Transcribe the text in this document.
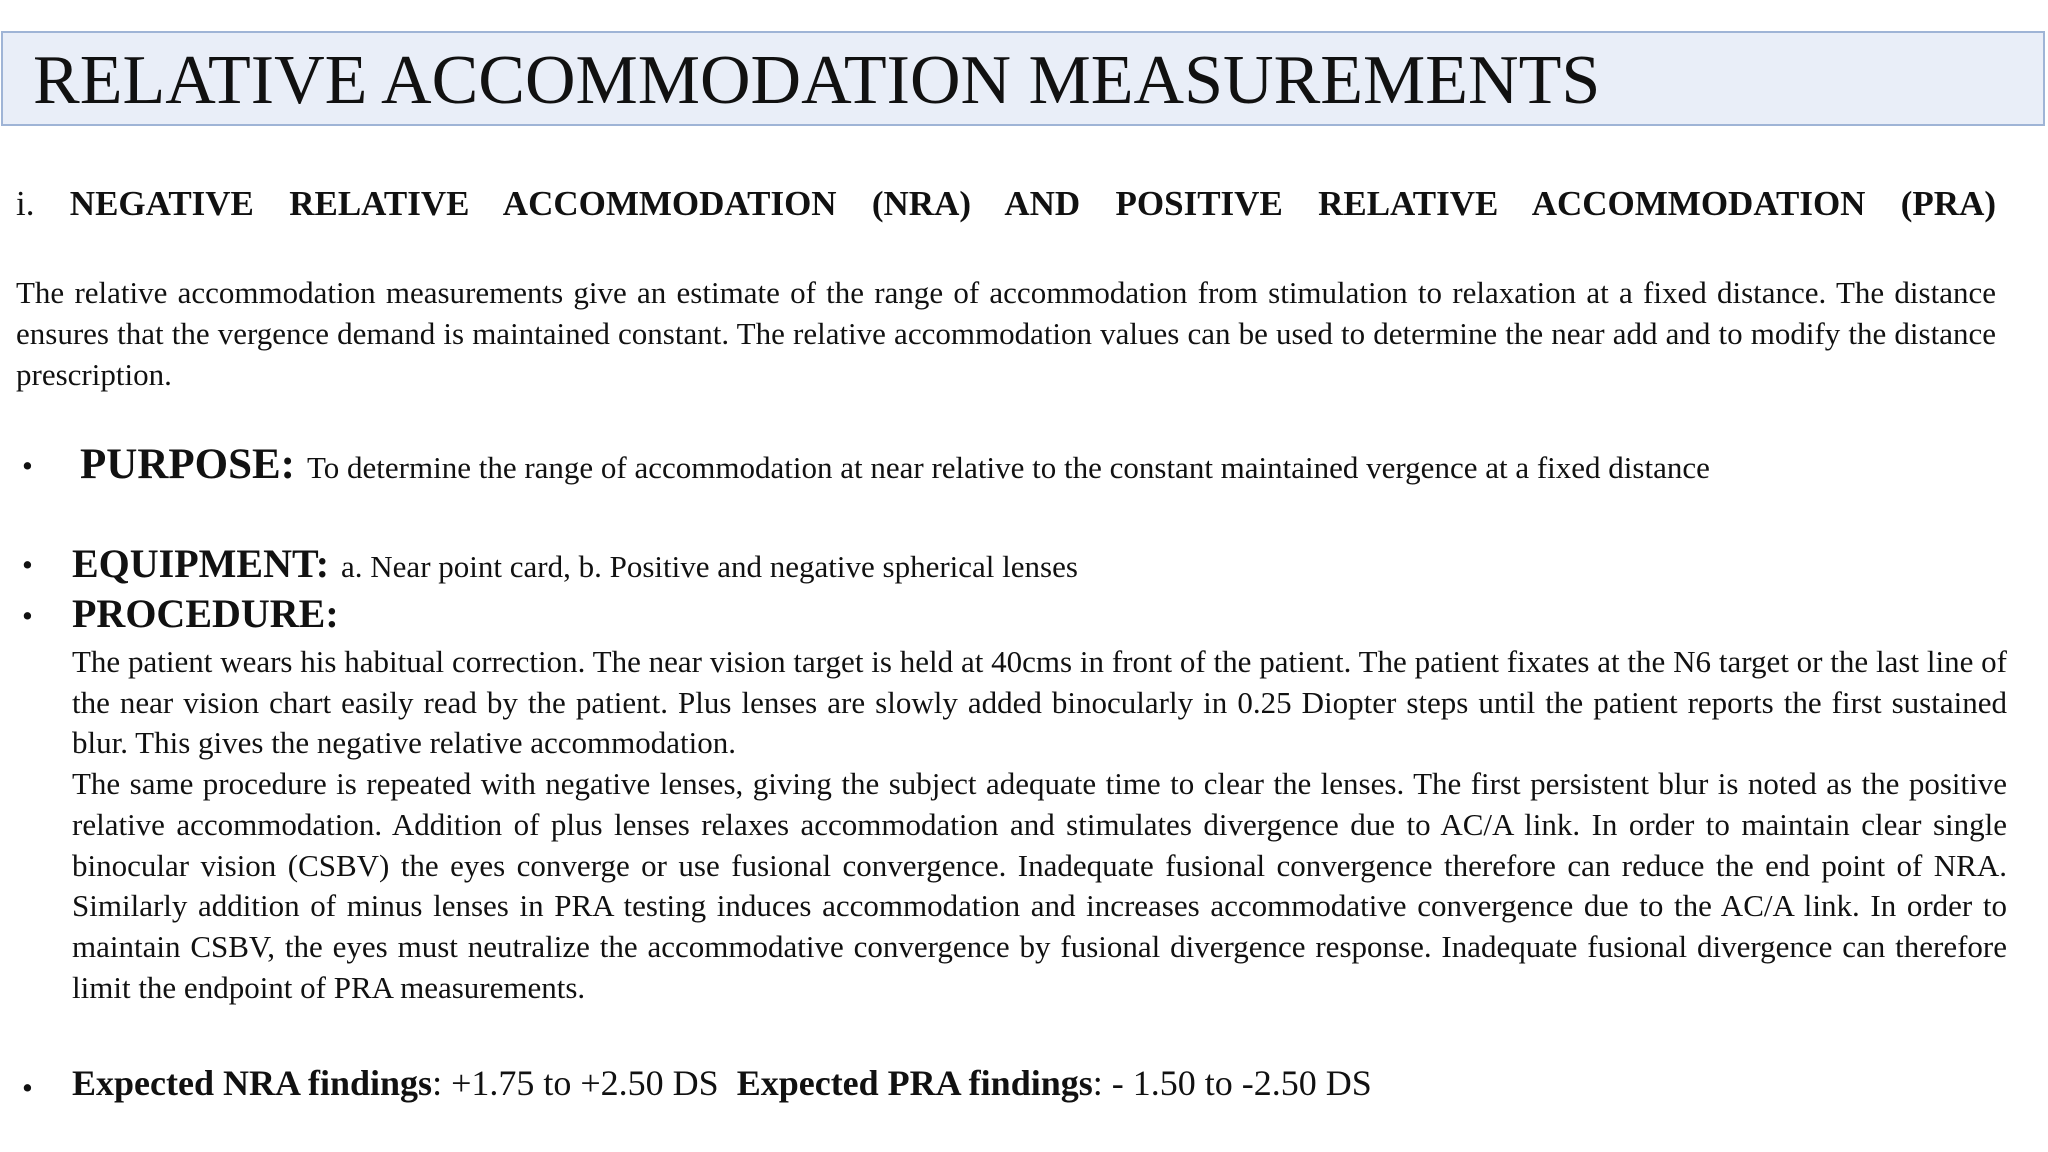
RELATIVE ACCOMMODATION MEASUREMENTS
i. NEGATIVE RELATIVE ACCOMMODATION (NRA) AND POSITIVE RELATIVE ACCOMMODATION (PRA)

The relative accommodation measurements give an estimate of the range of accommodation from stimulation to relaxation at a fixed distance. The distance ensures that the vergence demand is maintained constant. The relative accommodation values can be used to determine the near add and to modify the distance prescription.

• PURPOSE: To determine the range of accommodation at near relative to the constant maintained vergence at a fixed distance
• EQUIPMENT: a. Near point card, b. Positive and negative spherical lenses
• PROCEDURE:

The patient wears his habitual correction. The near vision target is held at 40cms in front of the patient. The patient fixates at the N6 target or the last line of the near vision chart easily read by the patient. Plus lenses are slowly added binocularly in 0.25 Diopter steps until the patient reports the first sustained blur. This gives the negative relative accommodation.

The same procedure is repeated with negative lenses, giving the subject adequate time to clear the lenses. The first persistent blur is noted as the positive relative accommodation. Addition of plus lenses relaxes accommodation and stimulates divergence due to AC/A link. In order to maintain clear single binocular vision (CSBV) the eyes converge or use fusional convergence. Inadequate fusional convergence therefore can reduce the end point of NRA. Similarly addition of minus lenses in PRA testing induces accommodation and increases accommodative convergence due to the AC/A link. In order to maintain CSBV, the eyes must neutralize the accommodative convergence by fusional divergence response. Inadequate fusional divergence can therefore limit the endpoint of PRA measurements.

• Expected NRA findings: +1.75 to +2.50 DS Expected PRA findings: - 1.50 to -2.50 DS
